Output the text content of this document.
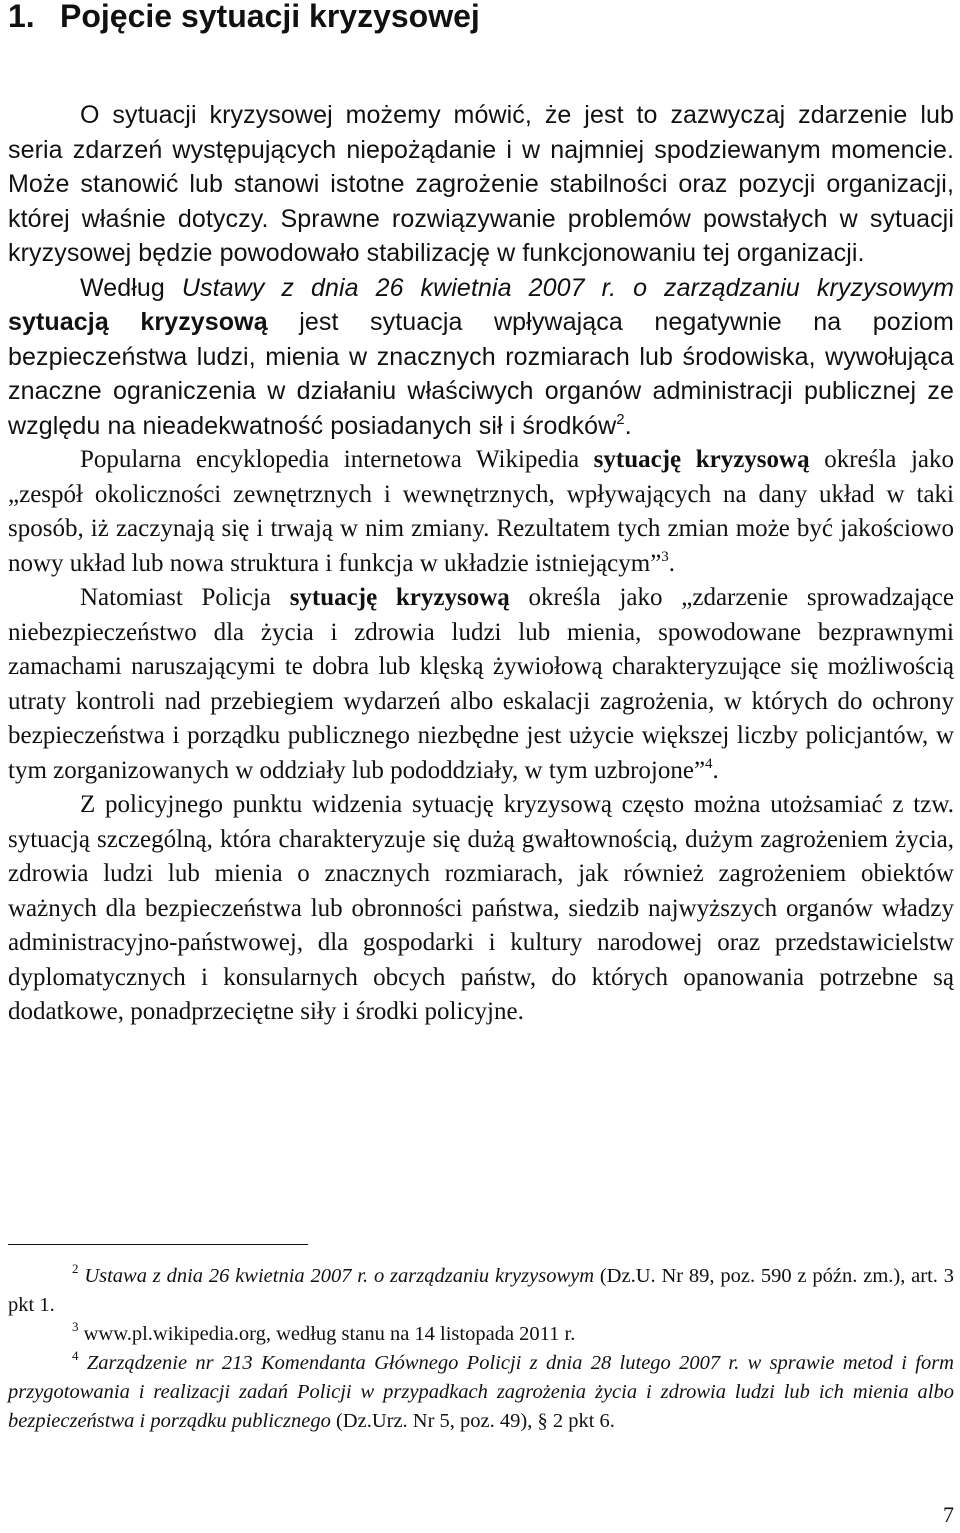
1. Pojęcie sytuacji kryzysowej

O sytuacji kryzysowej możemy mówić, że jest to zazwyczaj zdarzenie lub seria zdarzeń występujących niepożądanie i w najmniej spodziewanym momencie. Może stanowić lub stanowi istotne zagrożenie stabilności oraz pozycji organizacji, której właśnie dotyczy. Sprawne rozwiązywanie problemów powstałych w sytuacji kryzysowej będzie powodowało stabilizację w funkcjonowaniu tej organizacji.

Według Ustawy z dnia 26 kwietnia 2007 r. o zarządzaniu kryzysowym sytuacją kryzysową jest sytuacja wpływająca negatywnie na poziom bezpieczeństwa ludzi, mienia w znacznych rozmiarach lub środowiska, wywołująca znaczne ograniczenia w działaniu właściwych organów administracji publicznej ze względu na nieadekwatność posiadanych sił i środków$^2$.

Popularna encyklopedia internetowa Wikipedia sytuację kryzysową określa jako „zespół okoliczności zewnętrznych i wewnętrznych, wpływających na dany układ w taki sposób, iż zaczynają się i trwają w nim zmiany. Rezultatem tych zmian może być jakościowo nowy układ lub nowa struktura i funkcja w układzie istniejącym”$^3$.

Natomiast Policja sytuację kryzysową określa jako „zdarzenie sprowadzające niebezpieczeństwo dla życia i zdrowia ludzi lub mienia, spowodowane bezprawnymi zamachami naruszającymi te dobra lub klęską żywiołową charakteryzujące się możliwością utraty kontroli nad przebiegiem wydarzeń albo eskalacji zagrożenia, w których do ochrony bezpieczeństwa i porządku publicznego niezbędne jest użycie większej liczby policjantów, w tym zorganizowanych w oddziały lub pododdziały, w tym uzbrojone”$^4$.

Z policyjnego punktu widzenia sytuację kryzysową często można utożsamiać z tzw. sytuacją szczególną, która charakteryzuje się dużą gwałtownością, dużym zagrożeniem życia, zdrowia ludzi lub mienia o znacznych rozmiarach, jak również zagrożeniem obiektów ważnych dla bezpieczeństwa lub obronności państwa, siedzib najwyższych organów władzy administracyjno-państwowej, dla gospodarki i kultury narodowej oraz przedstawicielstw dyplomatycznych i konsularnych obcych państw, do których opanowania potrzebne są dodatkowe, ponadprzeciętne siły i środki policyjne.

$^2$ Ustawa z dnia 26 kwietnia 2007 r. o zarządzaniu kryzysowym (Dz.U. Nr 89, poz. 590 z późn. zm.), art. 3 pkt 1.

$^3$ www.pl.wikipedia.org, według stanu na 14 listopada 2011 r.

$^4$ Zarządzenie nr 213 Komendanta Głównego Policji z dnia 28 lutego 2007 r. w sprawie metod i form przygotowania i realizacji zadań Policji w przypadkach zagrożenia życia i zdrowia ludzi lub ich mienia albo bezpieczeństwa i porządku publicznego (Dz.Urz. Nr 5, poz. 49), § 2 pkt 6.

7
